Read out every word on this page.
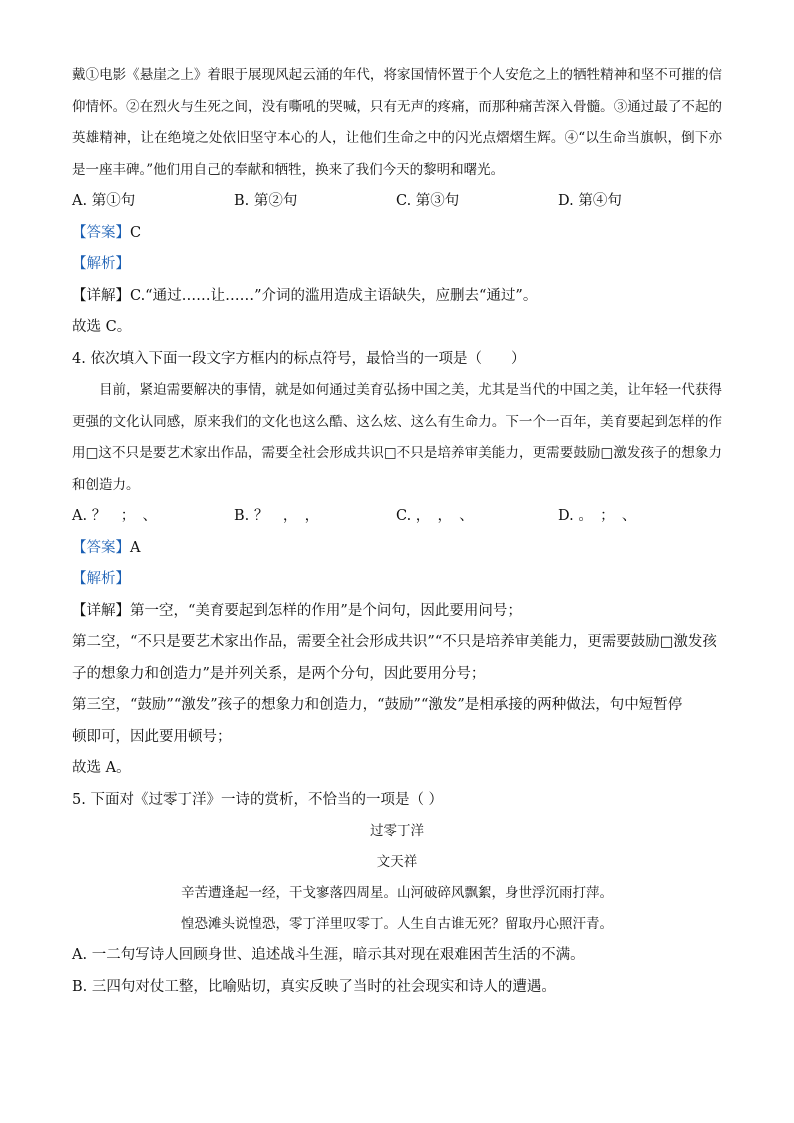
戴①电影《悬崖之上》着眼于展现风起云涌的年代，将家国情怀置于个人安危之上的牺牲精神和坚不可摧的信仰情怀。②在烈火与生死之间，没有嘶吼的哭喊，只有无声的疼痛，而那种痛苦深入骨髓。③通过最了不起的英雄精神，让在绝境之处依旧坚守本心的人，让他们生命之中的闪光点熠熠生辉。④“以生命当旗帜，倒下亦是一座丰碑。”他们用自己的奉献和牺牲，换来了我们今天的黎明和曙光。

A. 第①句	B. 第②句	C. 第③句	D. 第④句

【答案】C

【解析】

【详解】C.“通过……让……”介词的滥用造成主语缺失，应删去“通过”。

故选 C。

4. 依次填入下面一段文字方框内的标点符号，最恰当的一项是（　　）

目前，紧迫需要解决的事情，就是如何通过美育弘扬中国之美，尤其是当代的中国之美，让年轻一代获得更强的文化认同感，原来我们的文化也这么酷、这么炫、这么有生命力。下一个一百年，美育要起到怎样的作用□这不只是要艺术家出作品，需要全社会形成共识□不只是培养审美能力，更需要鼓励□激发孩子的想象力和创造力。

A. ？　；　、	B. ？　，　，	C. ，　，　、	D. 。　；　、

【答案】A

【解析】

【详解】第一空，“美育要起到怎样的作用”是个问句，因此要用问号；

第二空，“不只是要艺术家出作品，需要全社会形成共识”“不只是培养审美能力，更需要鼓励□激发孩

子的想象力和创造力”是并列关系，是两个分句，因此要用分号；

第三空，“鼓励”“激发”孩子的想象力和创造力，“鼓励”“激发”是相承接的两种做法，句中短暂停

顿即可，因此要用顿号；

故选 A。

5. 下面对《过零丁洋》一诗的赏析，不恰当的一项是（ ）

过零丁洋

文天祥

辛苦遭逢起一经，干戈寥落四周星。山河破碎风飘絮，身世浮沉雨打萍。

惶恐滩头说惶恐，零丁洋里叹零丁。人生自古谁无死？留取丹心照汗青。

A. 一二句写诗人回顾身世、追述战斗生涯，暗示其对现在艰难困苦生活的不满。

B. 三四句对仗工整，比喻贴切，真实反映了当时的社会现实和诗人的遭遇。
